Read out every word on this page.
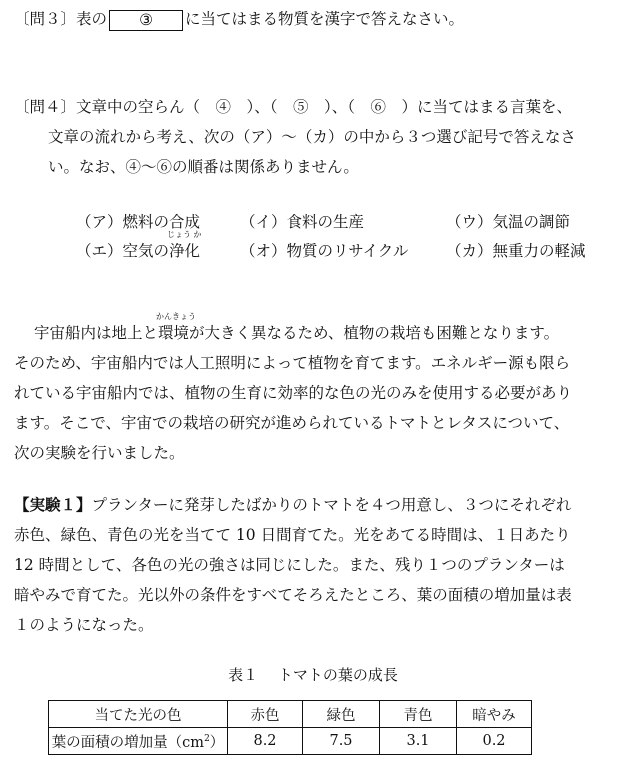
〔問３〕表の ③ に当てはまる物質を漢字で答えなさい。
〔問４〕文章中の空らん（　④　）、（　⑤　）、（　⑥　）に当てはまる言葉を、
文章の流れから考え、次の（ア）～（カ）の中から３つ選び記号で答えなさ
い。なお、④～⑥の順番は関係ありません。
（ア）燃料の合成	（イ）食料の生産	（ウ）気温の調節
（エ）空気の
じょう か
浄化	（オ）物質のリサイクル （カ）無重力の軽減
宇宙船内は地上と
かんきょう
環境が大きく異なるため、植物の栽培も困難となります。
そのため、宇宙船内では人工照明によって植物を育てます。エネルギー源も限ら
れている宇宙船内では、植物の生育に効率的な色の光のみを使用する必要があり
ます。そこで、宇宙での栽培の研究が進められているトマトとレタスについて、
次の実験を行いました。
【実験１】プランターに発芽したばかりのトマトを４つ用意し、３つにそれぞれ
赤色、緑色、青色の光を当てて 10 日間育てた。光をあてる時間は、１日あたり
12 時間として、各色の光の強さは同じにした。また、残り１つのプランターは
暗やみで育てた。光以外の条件をすべてそろえたところ、葉の面積の増加量は表
１のようになった。
表１　 トマトの葉の成長
当てた光の色	赤色	緑色	青色	暗やみ
葉の面積の増加量$(cm^2)$	8.2	7.5	3.1	0.2
